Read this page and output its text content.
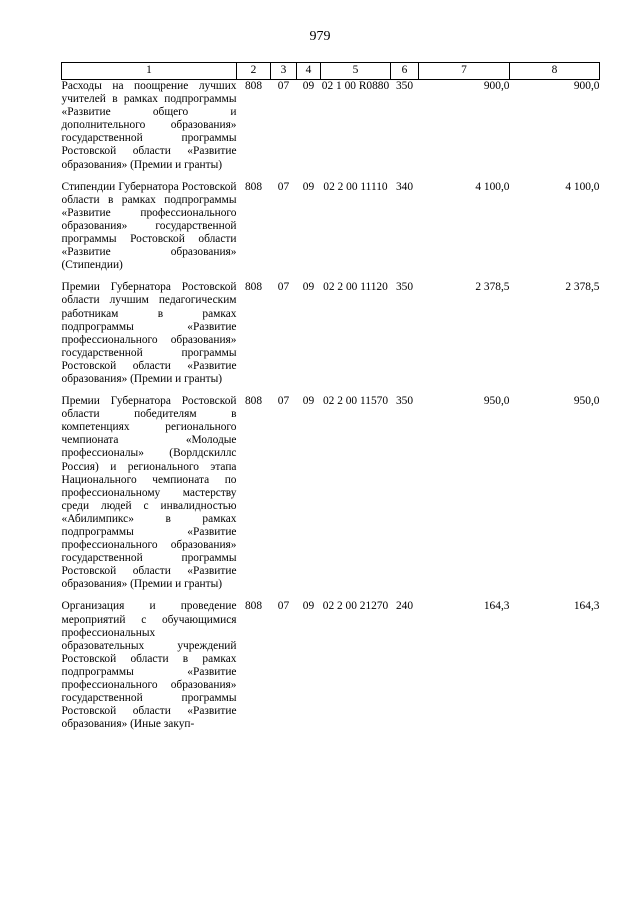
979
1	2	3	4	5	6	7	8
Расходы на поощрение лучших учителей в рамках подпрограммы «Развитие общего и дополнительного образования» государственной программы Ростовской области «Развитие образования» (Премии и гранты)	808	07	09	02 1 00 R0880	350	900,0	900,0
Стипендии Губернатора Ростовской области в рамках подпрограммы «Развитие профессионального образования» государственной программы Ростовской области «Развитие образования» (Стипендии)	808	07	09	02 2 00 11110	340	4 100,0	4 100,0
Премии Губернатора Ростовской области лучшим педагогическим работникам в рамках подпрограммы «Развитие профессионального образования» государственной программы Ростовской области «Развитие образования» (Премии и гранты)	808	07	09	02 2 00 11120	350	2 378,5	2 378,5
Премии Губернатора Ростовской области победителям в компетенциях регионального чемпионата «Молодые профессионалы» (Ворлдскиллс Россия) и регионального этапа Национального чемпионата по профессиональному мастерству среди людей с инвалидностью «Абилимпикс» в рамках подпрограммы «Развитие профессионального образования» государственной программы Ростовской области «Развитие образования» (Премии и гранты)	808	07	09	02 2 00 11570	350	950,0	950,0
Организация и проведение мероприятий с обучающимися профессиональных образовательных учреждений Ростовской области в рамках подпрограммы «Развитие профессионального образования» государственной программы Ростовской области «Развитие образования» (Иные закуп-	808	07	09	02 2 00 21270	240	164,3	164,3
